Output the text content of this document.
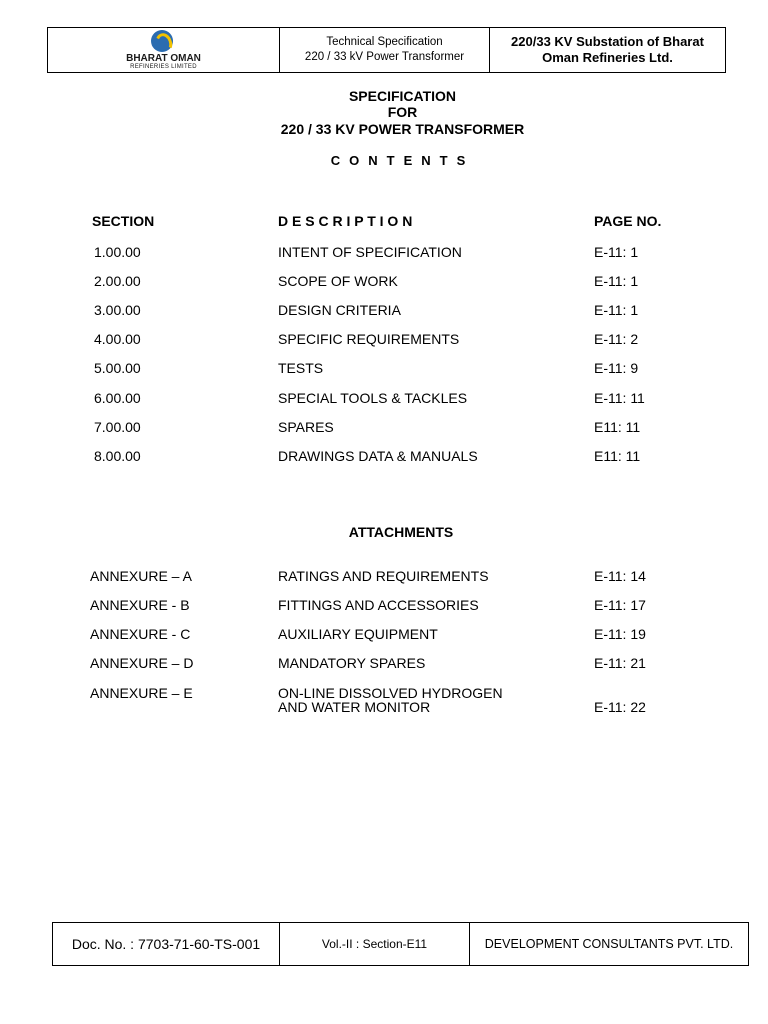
BHARAT OMAN
REFINERIES LIMITED
Technical Specification
220 / 33 kV Power Transformer
220/33 KV Substation of Bharat
Oman Refineries Ltd.
SPECIFICATION
FOR
220 / 33 KV POWER TRANSFORMER
CONTENTS
SECTION	D E S C R I P T I O N	PAGE NO.
1.00.00	INTENT OF SPECIFICATION	E-11: 1
2.00.00	SCOPE OF WORK	E-11: 1
3.00.00	DESIGN CRITERIA	E-11: 1
4.00.00	SPECIFIC REQUIREMENTS	E-11: 2
5.00.00	TESTS	E-11: 9
6.00.00	SPECIAL TOOLS & TACKLES	E-11: 11
7.00.00	SPARES	E11: 11
8.00.00	DRAWINGS DATA & MANUALS	E11: 11
ATTACHMENTS
ANNEXURE – A	RATINGS AND REQUIREMENTS	E-11: 14
ANNEXURE - B	FITTINGS AND ACCESSORIES	E-11: 17
ANNEXURE - C	AUXILIARY EQUIPMENT	E-11: 19
ANNEXURE – D	MANDATORY SPARES	E-11: 21
ANNEXURE – E	ON-LINE DISSOLVED HYDROGEN
AND WATER MONITOR	E-11: 22
Doc. No. : 7703-71-60-TS-001	Vol.-II : Section-E11	DEVELOPMENT CONSULTANTS PVT. LTD.
